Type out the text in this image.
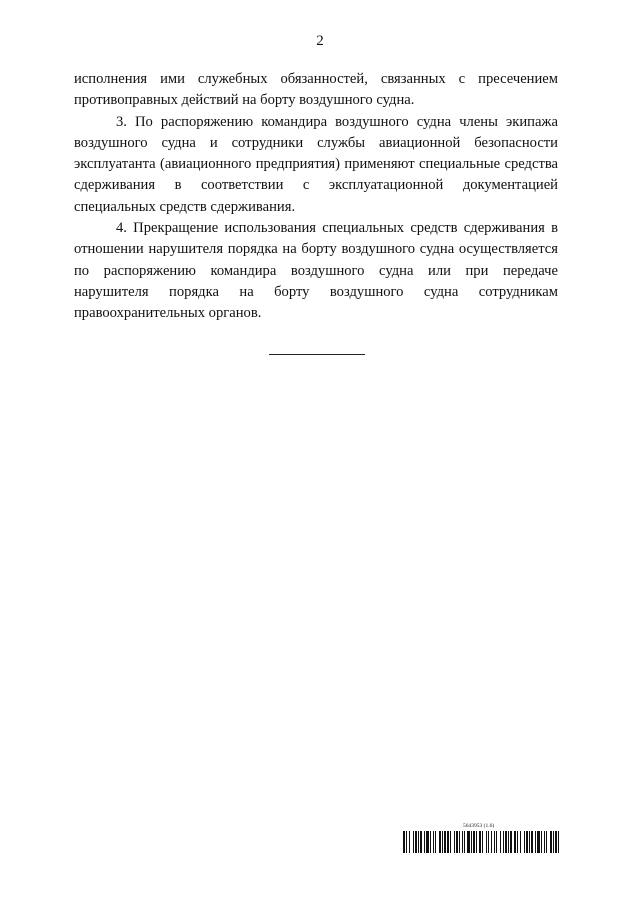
2

исполнения ими служебных обязанностей, связанных с пресечением противоправных действий на борту воздушного судна.

3. По распоряжению командира воздушного судна члены экипажа воздушного судна и сотрудники службы авиационной безопасности эксплуатанта (авиационного предприятия) применяют специальные средства сдерживания в соответствии с эксплуатационной документацией специальных средств сдерживания.

4. Прекращение использования специальных средств сдерживания в отношении нарушителя порядка на борту воздушного судна осуществляется по распоряжению командира воздушного судна или при передаче нарушителя порядка на борту воздушного судна сотрудникам правоохранительных органов.

5643953 (1.6)
